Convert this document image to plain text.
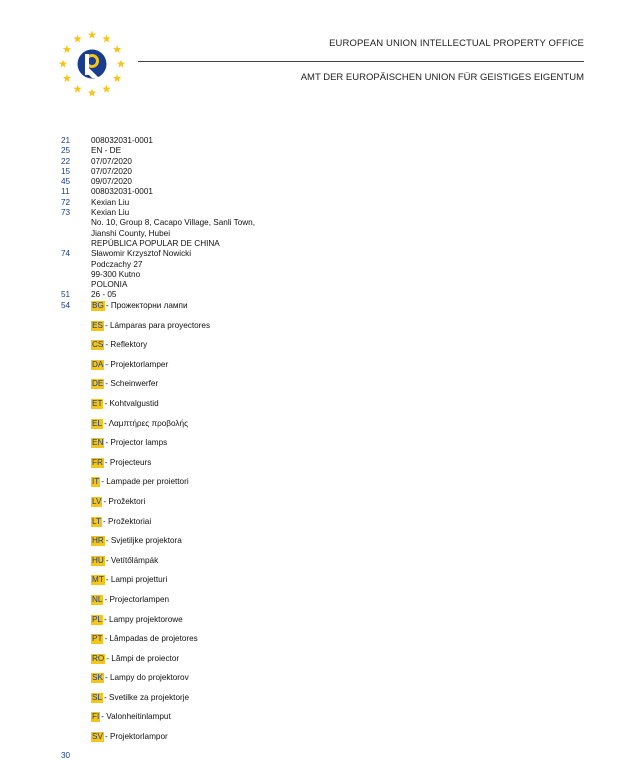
EUROPEAN UNION INTELLECTUAL PROPERTY OFFICE
AMT DER EUROPÄISCHEN UNION FÜR GEISTIGES EIGENTUM
21	008032031-0001
25	EN - DE
22	07/07/2020
15	07/07/2020
45	09/07/2020
11	008032031-0001
72	Kexian Liu
73	Kexian Liu
No. 10, Group 8, Cacapo Village, Sanli Town,
Jianshi County, Hubei
REPÚBLICA POPULAR DE CHINA
74	Sławomir Krzysztof Nowicki
Podczachy 27
99-300 Kutno
POLONIA
51	26 - 05
54	BG - Прожекторни лампи
ES - Lámparas para proyectores
CS - Reflektory
DA - Projektorlamper
DE - Scheinwerfer
ET - Kohtvalgustid
EL - Λαμπτήρες προβολής
EN - Projector lamps
FR - Projecteurs
IT - Lampade per proiettori
LV - Prožektori
LT - Prožektoriai
HR - Svjetiljke projektora
HU - Vetítőlámpák
MT - Lampi projetturi
NL - Projectorlampen
PL - Lampy projektorowe
PT - Lâmpadas de projetores
RO - Lămpi de proiector
SK - Lampy do projektorov
SL - Svetilke za projektorje
FI - Valonheitinlamput
SV - Projektorlampor
30
